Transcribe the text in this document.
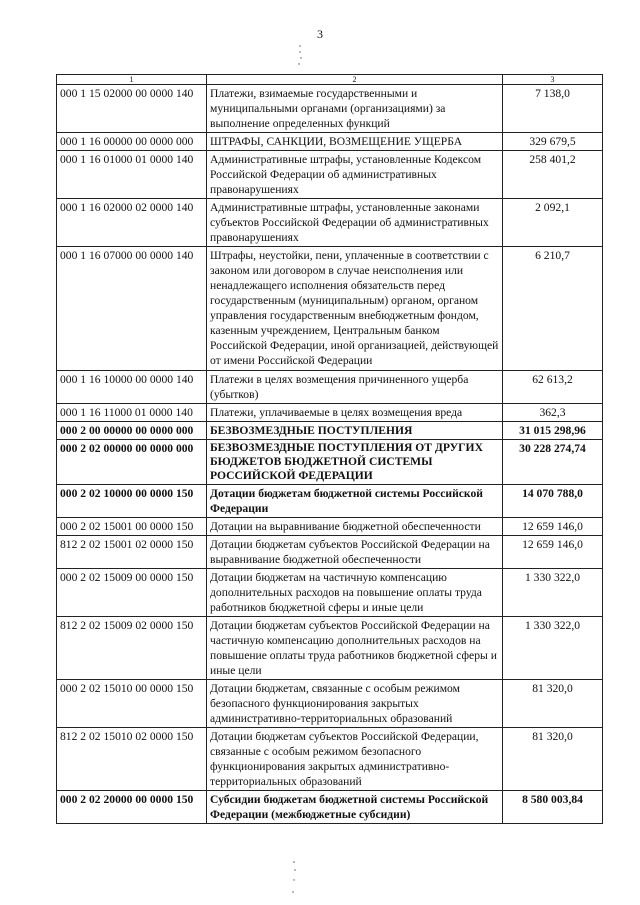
3
1	2	3
000 1 15 02000 00 0000 140	Платежи, взимаемые государственными и муниципальными органами (организациями) за выполнение определенных функций	7 138,0
000 1 16 00000 00 0000 000	ШТРАФЫ, САНКЦИИ, ВОЗМЕЩЕНИЕ УЩЕРБА	329 679,5
000 1 16 01000 01 0000 140	Административные штрафы, установленные Кодексом Российской Федерации об административных правонарушениях	258 401,2
000 1 16 02000 02 0000 140	Административные штрафы, установленные законами субъектов Российской Федерации об административных правонарушениях	2 092,1
000 1 16 07000 00 0000 140	Штрафы, неустойки, пени, уплаченные в соответствии с законом или договором в случае неисполнения или ненадлежащего исполнения обязательств перед государственным (муниципальным) органом, органом управления государственным внебюджетным фондом, казенным учреждением, Центральным банком Российской Федерации, иной организацией, действующей от имени Российской Федерации	6 210,7
000 1 16 10000 00 0000 140	Платежи в целях возмещения причиненного ущерба (убытков)	62 613,2
000 1 16 11000 01 0000 140	Платежи, уплачиваемые в целях возмещения вреда	362,3
000 2 00 00000 00 0000 000	БЕЗВОЗМЕЗДНЫЕ ПОСТУПЛЕНИЯ	31 015 298,96
000 2 02 00000 00 0000 000	БЕЗВОЗМЕЗДНЫЕ ПОСТУПЛЕНИЯ ОТ ДРУГИХ БЮДЖЕТОВ БЮДЖЕТНОЙ СИСТЕМЫ РОССИЙСКОЙ ФЕДЕРАЦИИ	30 228 274,74
000 2 02 10000 00 0000 150	Дотации бюджетам бюджетной системы Российской Федерации	14 070 788,0
000 2 02 15001 00 0000 150	Дотации на выравнивание бюджетной обеспеченности	12 659 146,0
812 2 02 15001 02 0000 150	Дотации бюджетам субъектов Российской Федерации на выравнивание бюджетной обеспеченности	12 659 146,0
000 2 02 15009 00 0000 150	Дотации бюджетам на частичную компенсацию дополнительных расходов на повышение оплаты труда работников бюджетной сферы и иные цели	1 330 322,0
812 2 02 15009 02 0000 150	Дотации бюджетам субъектов Российской Федерации на частичную компенсацию дополнительных расходов на повышение оплаты труда работников бюджетной сферы и иные цели	1 330 322,0
000 2 02 15010 00 0000 150	Дотации бюджетам, связанные с особым режимом безопасного функционирования закрытых административно-территориальных образований	81 320,0
812 2 02 15010 02 0000 150	Дотации бюджетам субъектов Российской Федерации, связанные с особым режимом безопасного функционирования закрытых административно-территориальных образований	81 320,0
000 2 02 20000 00 0000 150	Субсидии бюджетам бюджетной системы Российской Федерации (межбюджетные субсидии)	8 580 003,84
